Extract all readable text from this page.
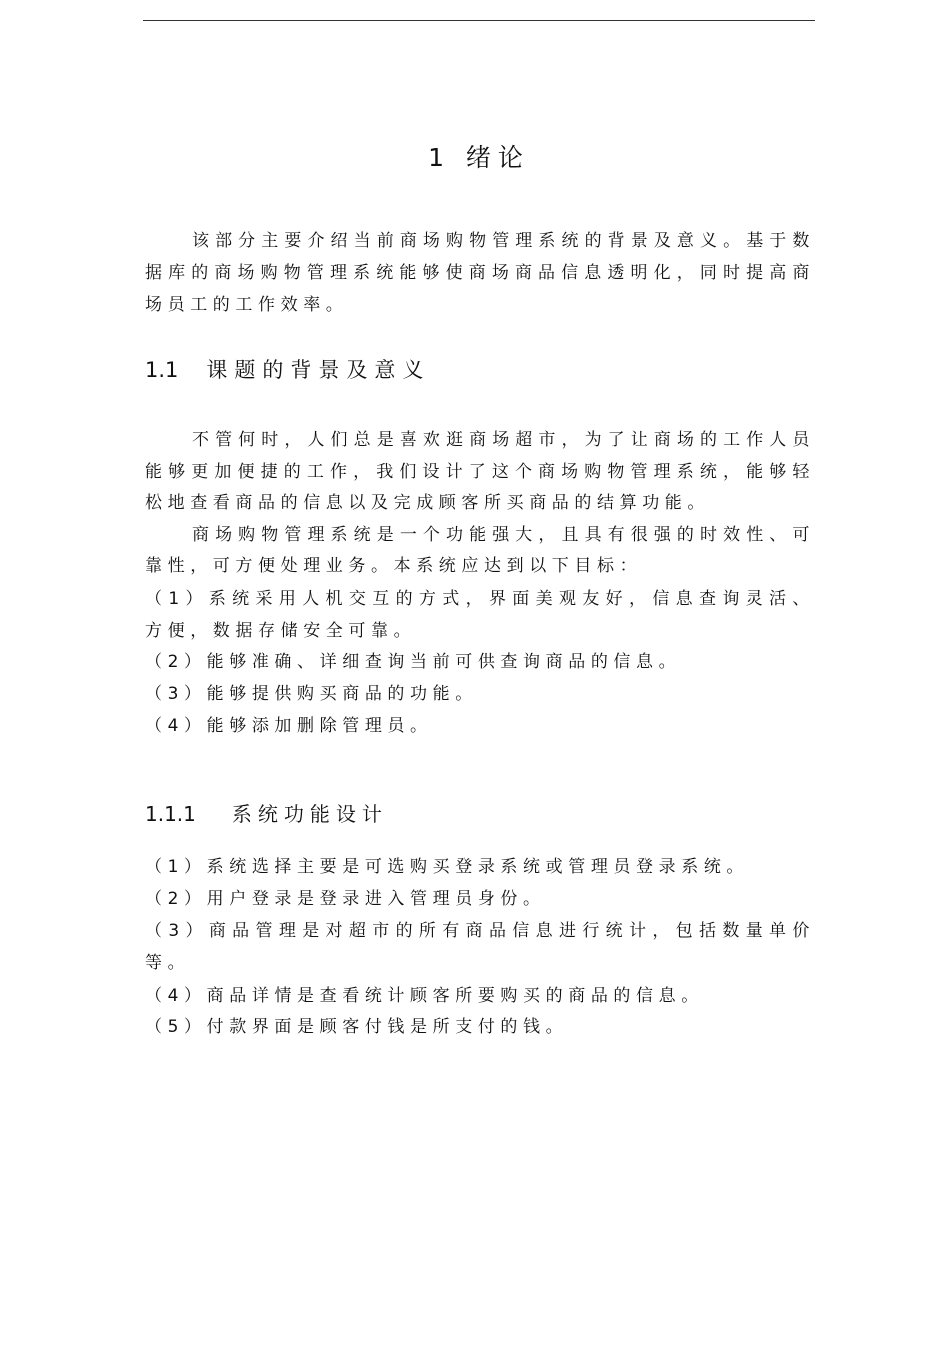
1 绪论
该部分主要介绍当前商场购物管理系统的背景及意义。基于数
据库的商场购物管理系统能够使商场商品信息透明化，同时提高商
场员工的工作效率。
1.1 课题的背景及意义
不管何时，人们总是喜欢逛商场超市，为了让商场的工作人员
能够更加便捷的工作，我们设计了这个商场购物管理系统，能够轻
松地查看商品的信息以及完成顾客所买商品的结算功能。
商场购物管理系统是一个功能强大，且具有很强的时效性、可
靠性，可方便处理业务。本系统应达到以下目标：
（1）系统采用人机交互的方式，界面美观友好，信息查询灵活、
方便，数据存储安全可靠。
（2）能够准确、详细查询当前可供查询商品的信息。
（3）能够提供购买商品的功能。
（4）能够添加删除管理员。
1.1.1 系统功能设计
（1）系统选择主要是可选购买登录系统或管理员登录系统。
（2）用户登录是登录进入管理员身份。
（3）商品管理是对超市的所有商品信息进行统计，包括数量单价
等。
（4）商品详情是查看统计顾客所要购买的商品的信息。
（5）付款界面是顾客付钱是所支付的钱。
